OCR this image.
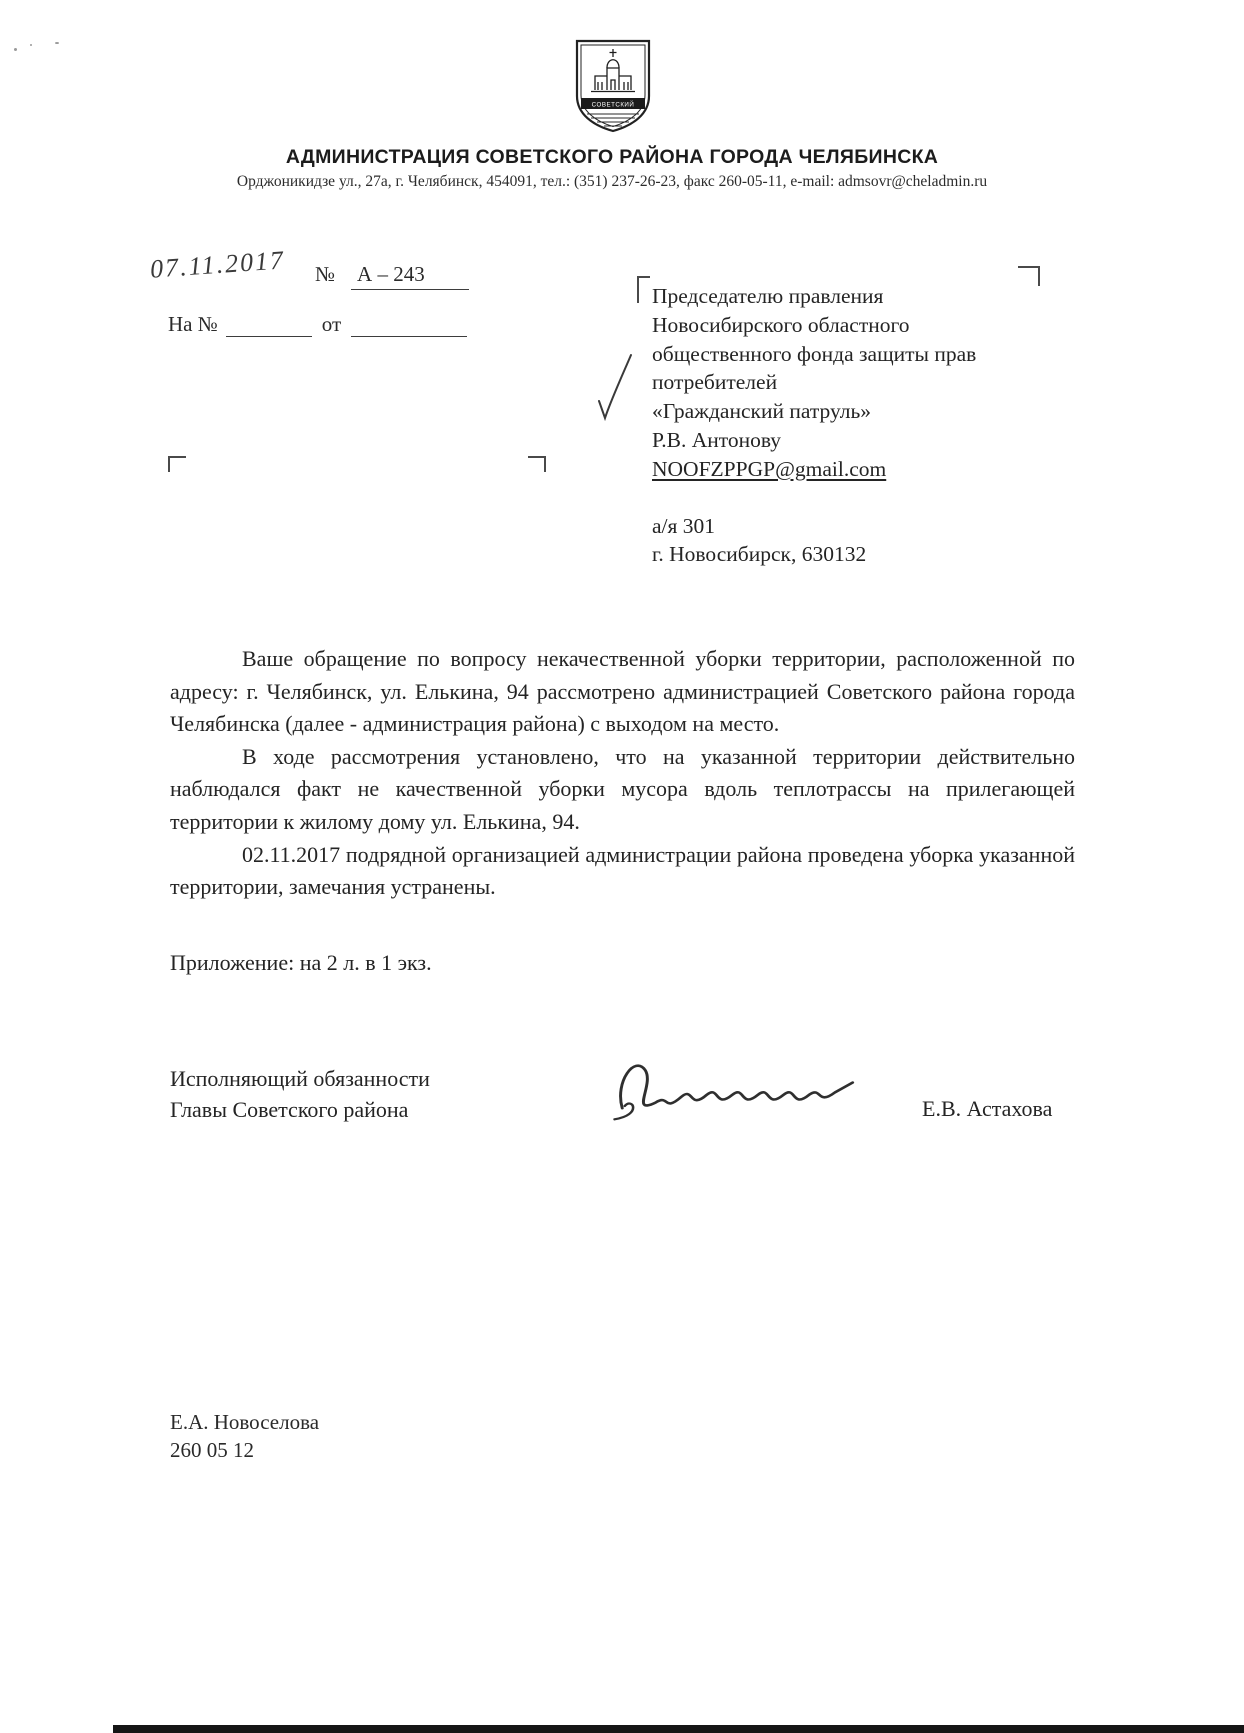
СОВЕТСКИЙ
АДМИНИСТРАЦИЯ СОВЕТСКОГО РАЙОНА ГОРОДА ЧЕЛЯБИНСКА
Орджоникидзе ул., 27а, г. Челябинск, 454091, тел.: (351) 237-26-23, факс 260-05-11, e-mail: admsovr@cheladmin.ru
07.11.2017 № А – 243
На №	от
Председателю правления
Новосибирского областного
общественного фонда защиты прав
потребителей
«Гражданский патруль»
Р.В. Антонову
NOOFZPPGP@gmail.com
а/я 301
г. Новосибирск, 630132

Ваше обращение по вопросу некачественной уборки территории, расположенной по адресу: г. Челябинск, ул. Елькина, 94 рассмотрено администрацией Советского района города Челябинска (далее - администрация района) с выходом на место.

В ходе рассмотрения установлено, что на указанной территории действительно наблюдался факт не качественной уборки мусора вдоль теплотрассы на прилегающей территории к жилому дому ул. Елькина, 94.

02.11.2017 подрядной организацией администрации района проведена уборка указанной территории, замечания устранены.

Приложение: на 2 л. в 1 экз.
Исполняющий обязанности
Главы Советского района	Е.В. Астахова
Е.А. Новоселова
260 05 12
